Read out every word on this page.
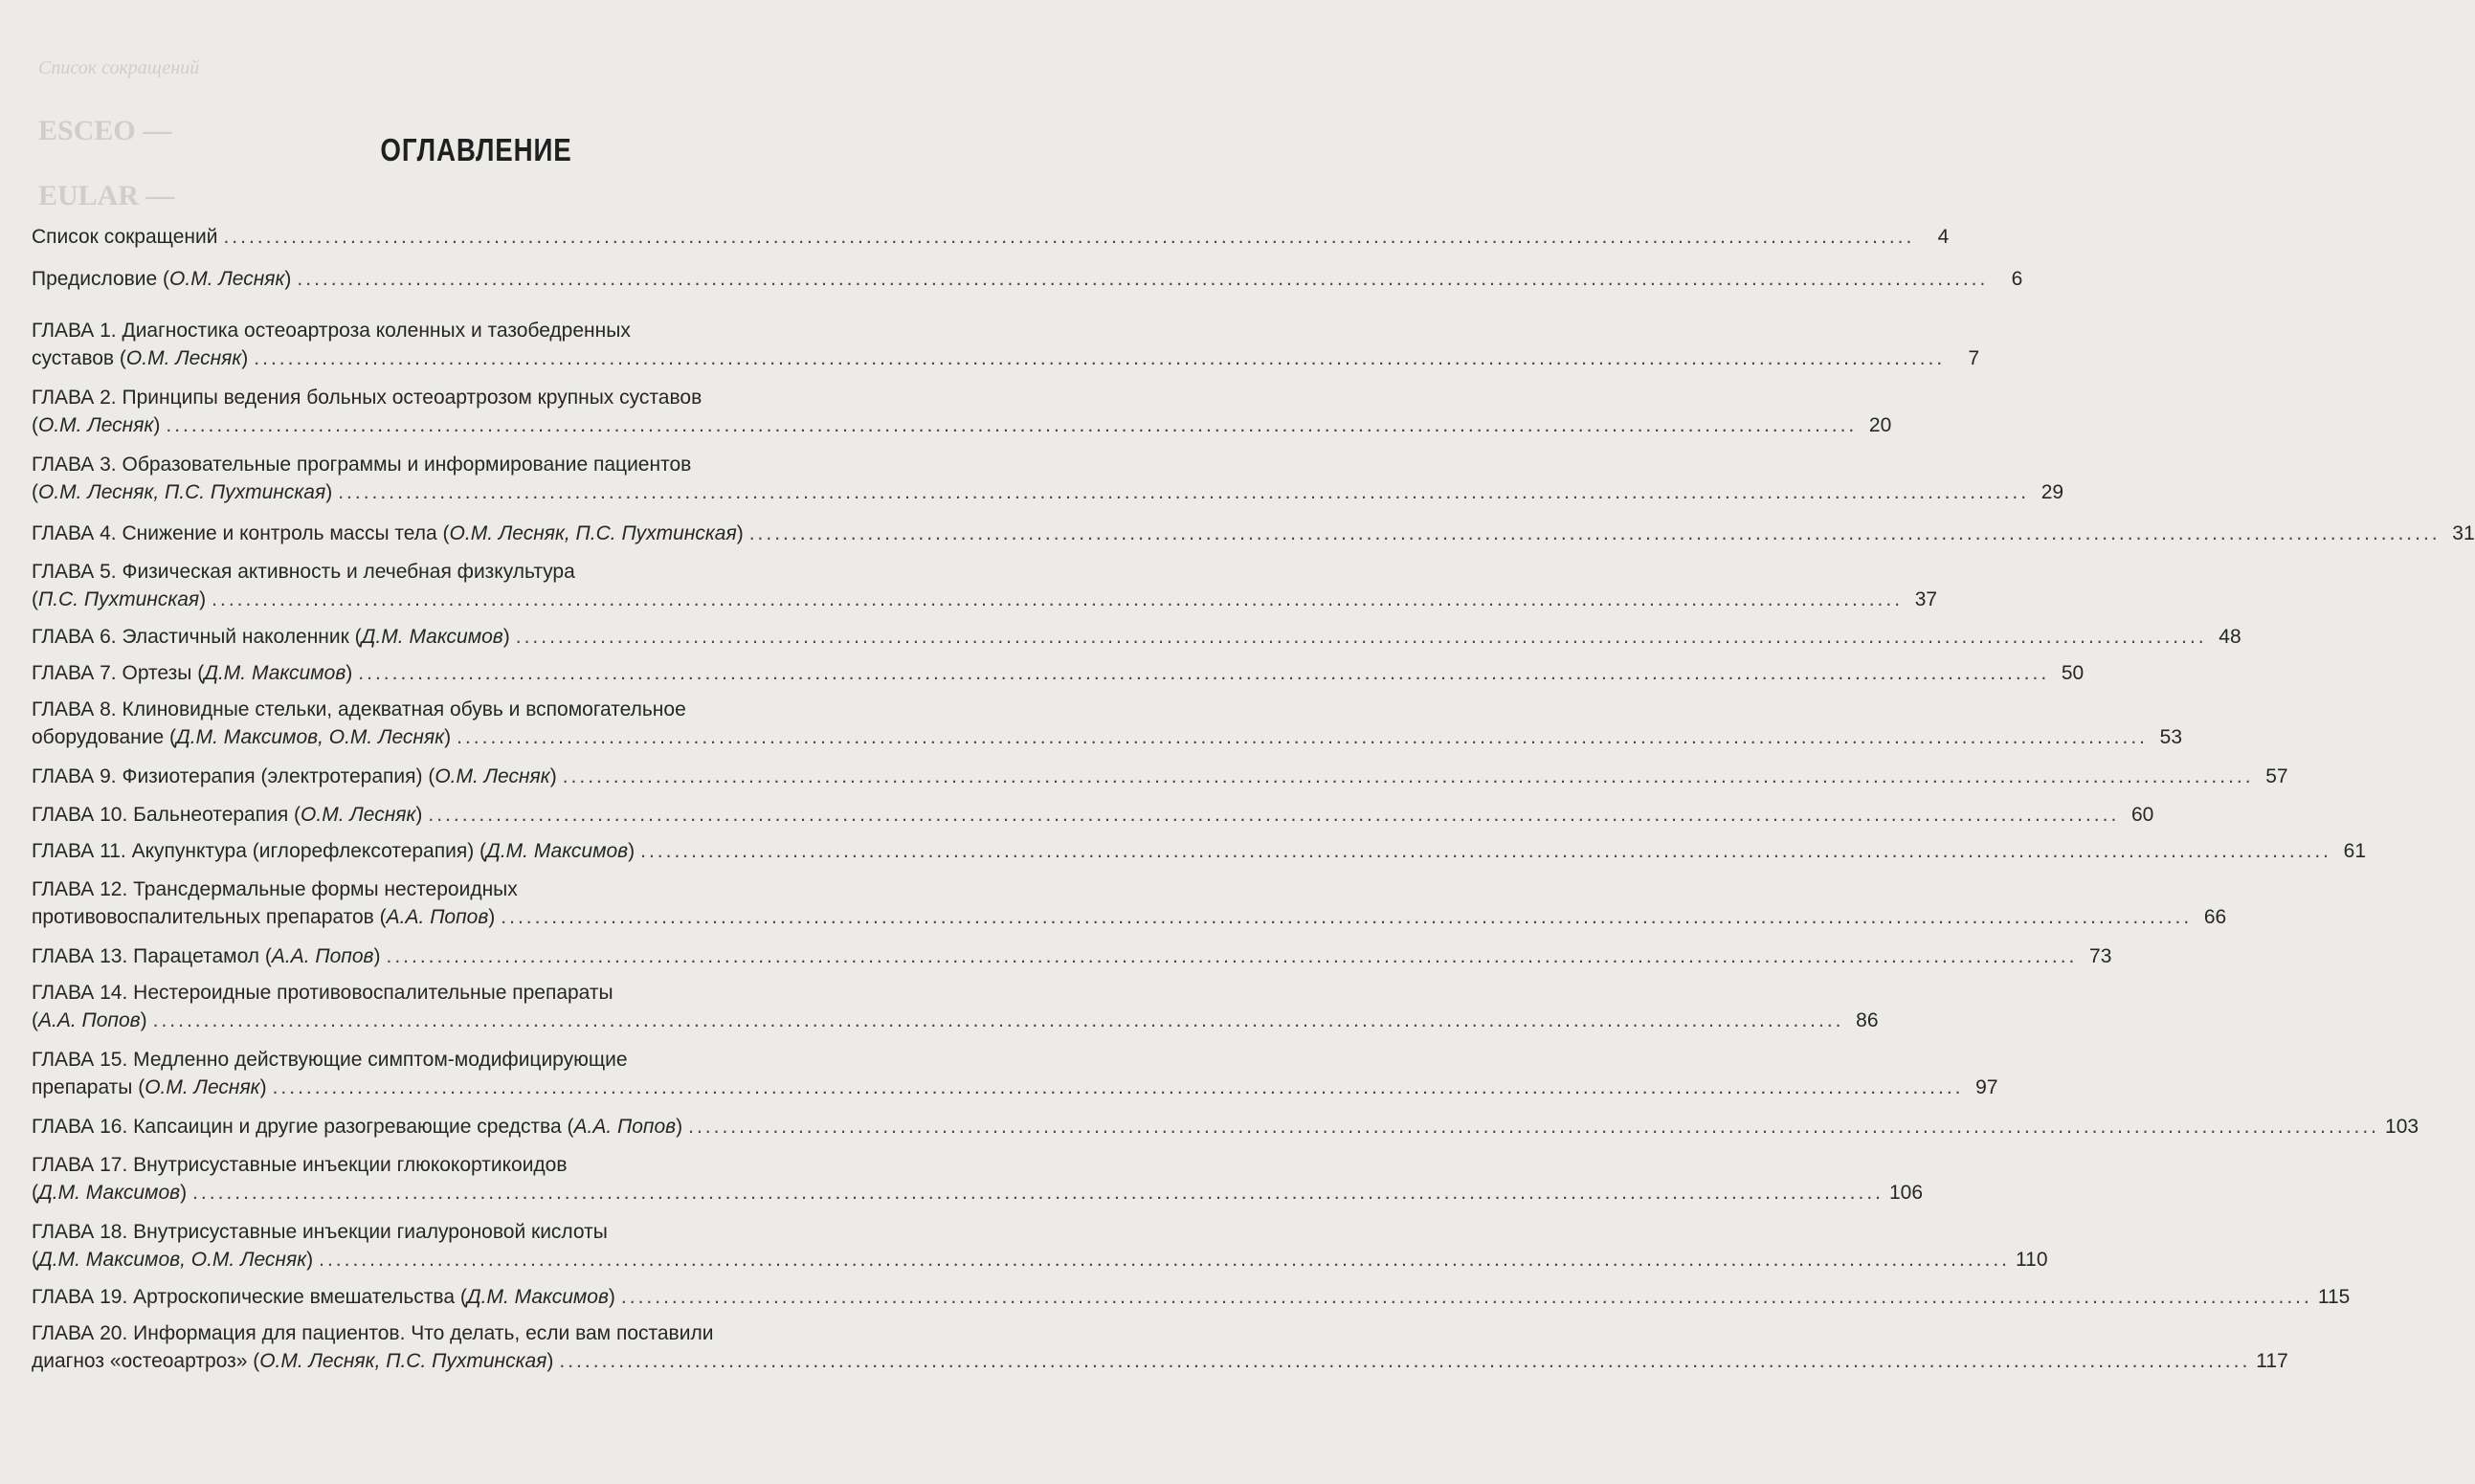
Список сокращений
ESCEO —
EULAR —
ОГЛАВЛЕНИЕ
Список сокращений ........................................................................................................................................................................................................	4
Предисловие (О.М. Лесняк) ........................................................................................................................................................................................................	6
ГЛАВА 1. Диагностика остеоартроза коленных и тазобедренных
суставов (О.М. Лесняк) ........................................................................................................................................................................................................	7
ГЛАВА 2. Принципы ведения больных остеоартрозом крупных суставов
(О.М. Лесняк) ........................................................................................................................................................................................................ 20
ГЛАВА 3. Образовательные программы и информирование пациентов
(О.М. Лесняк, П.С. Пухтинская) ........................................................................................................................................................................................................ 29
ГЛАВА 4. Снижение и контроль массы тела (О.М. Лесняк, П.С. Пухтинская) ........................................................................................................................................................................................................ 31
ГЛАВА 5. Физическая активность и лечебная физкультура
(П.С. Пухтинская) ........................................................................................................................................................................................................ 37
ГЛАВА 6. Эластичный наколенник (Д.М. Максимов) ........................................................................................................................................................................................................ 48
ГЛАВА 7. Ортезы (Д.М. Максимов) ........................................................................................................................................................................................................ 50
ГЛАВА 8. Клиновидные стельки, адекватная обувь и вспомогательное
оборудование (Д.М. Максимов, О.М. Лесняк) ........................................................................................................................................................................................................ 53
ГЛАВА 9. Физиотерапия (электротерапия) (О.М. Лесняк) ........................................................................................................................................................................................................ 57
ГЛАВА 10. Бальнеотерапия (О.М. Лесняк) ........................................................................................................................................................................................................ 60
ГЛАВА 11. Акупунктура (иглорефлексотерапия) (Д.М. Максимов) ........................................................................................................................................................................................................ 61
ГЛАВА 12. Трансдермальные формы нестероидных
противовоспалительных препаратов (А.А. Попов) ........................................................................................................................................................................................................ 66
ГЛАВА 13. Парацетамол (А.А. Попов) ........................................................................................................................................................................................................ 73
ГЛАВА 14. Нестероидные противовоспалительные препараты
(А.А. Попов) ........................................................................................................................................................................................................ 86
ГЛАВА 15. Медленно действующие симптом-модифицирующие
препараты (О.М. Лесняк) ........................................................................................................................................................................................................ 97
ГЛАВА 16. Капсаицин и другие разогревающие средства (А.А. Попов) ........................................................................................................................................................................................................ 103
ГЛАВА 17. Внутрисуставные инъекции глюкокортикоидов
(Д.М. Максимов) ........................................................................................................................................................................................................ 106
ГЛАВА 18. Внутрисуставные инъекции гиалуроновой кислоты
(Д.М. Максимов, О.М. Лесняк) ........................................................................................................................................................................................................ 110
ГЛАВА 19. Артроскопические вмешательства (Д.М. Максимов) ........................................................................................................................................................................................................ 115
ГЛАВА 20. Информация для пациентов. Что делать, если вам поставили
диагноз «остеоартроз» (О.М. Лесняк, П.С. Пухтинская) ........................................................................................................................................................................................................ 117
